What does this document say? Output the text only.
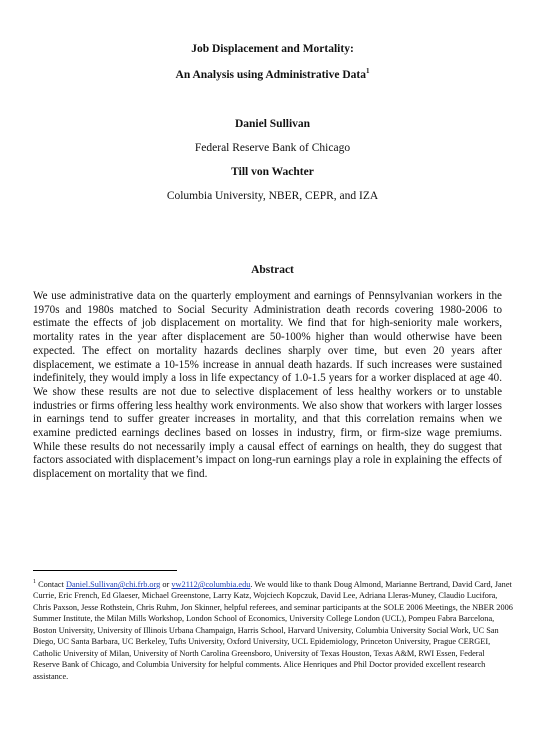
Job Displacement and Mortality:
An Analysis using Administrative Data$^1$
Daniel Sullivan
Federal Reserve Bank of Chicago
Till von Wachter
Columbia University, NBER, CEPR, and IZA
Abstract

We use administrative data on the quarterly employment and earnings of Pennsylvanian workers in the 1970s and 1980s matched to Social Security Administration death records covering 1980-2006 to estimate the effects of job displacement on mortality. We find that for high-seniority male workers, mortality rates in the year after displacement are 50-100% higher than would otherwise have been expected. The effect on mortality hazards declines sharply over time, but even 20 years after displacement, we estimate a 10-15% increase in annual death hazards. If such increases were sustained indefinitely, they would imply a loss in life expectancy of 1.0-1.5 years for a worker displaced at age 40. We show these results are not due to selective displacement of less healthy workers or to unstable industries or firms offering less healthy work environments. We also show that workers with larger losses in earnings tend to suffer greater increases in mortality, and that this correlation remains when we examine predicted earnings declines based on losses in industry, firm, or firm-size wage premiums. While these results do not necessarily imply a causal effect of earnings on health, they do suggest that factors associated with displacement’s impact on long-run earnings play a role in explaining the effects of displacement on mortality that we find.

$^1$ Contact Daniel.Sullivan@chi.frb.org or vw2112@columbia.edu. We would like to thank Doug Almond, Marianne Bertrand, David Card, Janet Currie, Eric French, Ed Glaeser, Michael Greenstone, Larry Katz, Wojciech Kopczuk, David Lee, Adriana Lleras-Muney, Claudio Lucifora, Chris Paxson, Jesse Rothstein, Chris Ruhm, Jon Skinner, helpful referees, and seminar participants at the SOLE 2006 Meetings, the NBER 2006 Summer Institute, the Milan Mills Workshop, London School of Economics, University College London (UCL), Pompeu Fabra Barcelona, Boston University, University of Illinois Urbana Champaign, Harris School, Harvard University, Columbia University Social Work, UC San Diego, UC Santa Barbara, UC Berkeley, Tufts University, Oxford University, UCL Epidemiology, Princeton University, Prague CERGEI, Catholic University of Milan, University of North Carolina Greensboro, University of Texas Houston, Texas A&M, RWI Essen, Federal Reserve Bank of Chicago, and Columbia University for helpful comments. Alice Henriques and Phil Doctor provided excellent research assistance.
